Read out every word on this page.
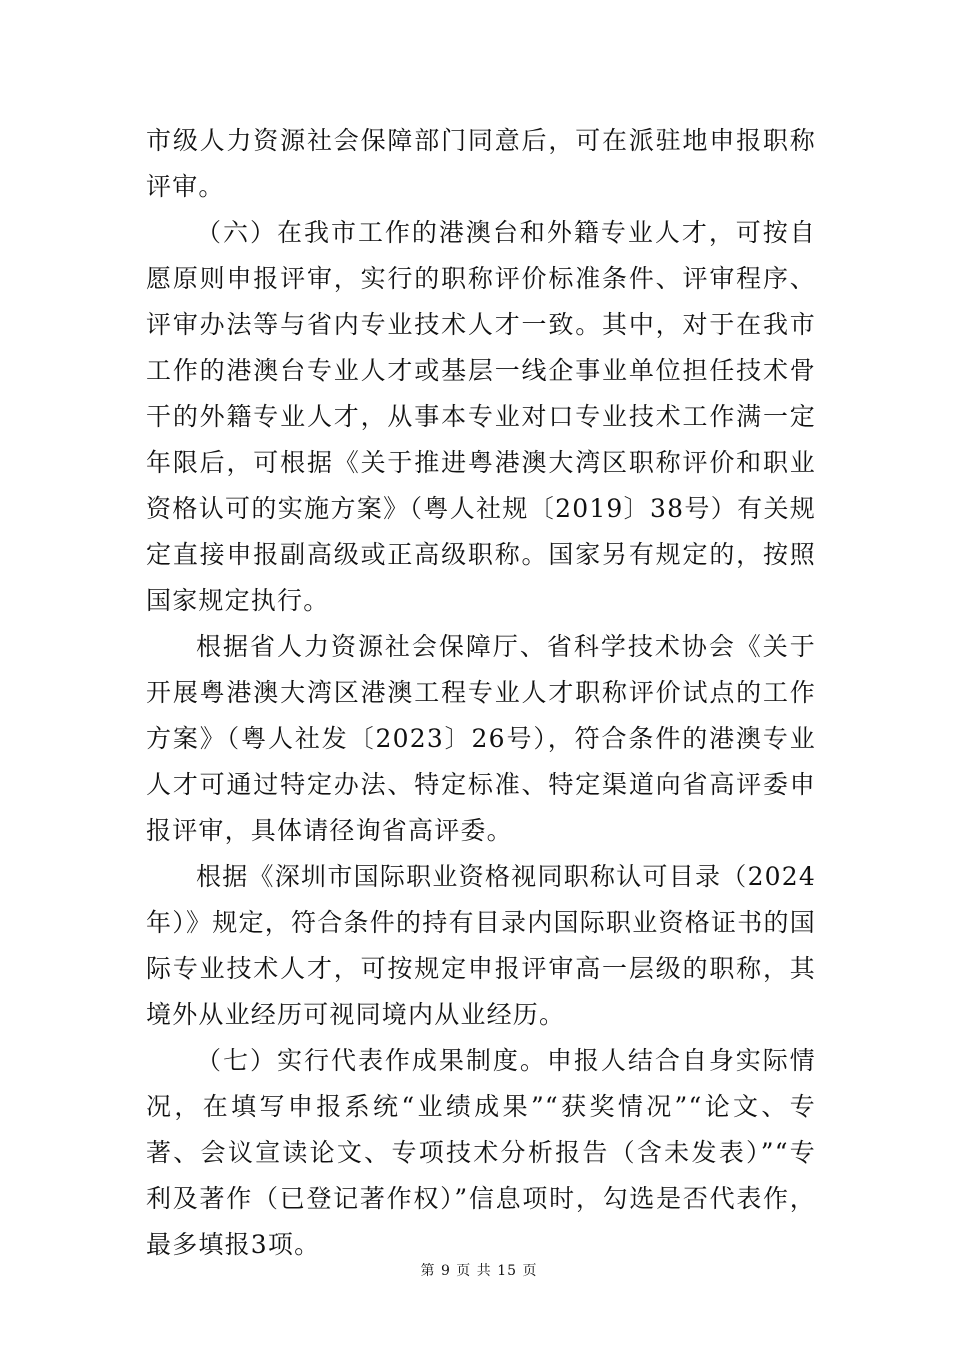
市级人力资源社会保障部门同意后，可在派驻地申报职称评审。

（六）在我市工作的港澳台和外籍专业人才，可按自愿原则申报评审，实行的职称评价标准条件、评审程序、评审办法等与省内专业技术人才一致。其中，对于在我市工作的港澳台专业人才或基层一线企事业单位担任技术骨干的外籍专业人才，从事本专业对口专业技术工作满一定年限后，可根据《关于推进粤港澳大湾区职称评价和职业资格认可的实施方案》（粤人社规〔2019〕38号）有关规定直接申报副高级或正高级职称。国家另有规定的，按照国家规定执行。

根据省人力资源社会保障厅、省科学技术协会《关于开展粤港澳大湾区港澳工程专业人才职称评价试点的工作方案》（粤人社发〔2023〕26号），符合条件的港澳专业人才可通过特定办法、特定标准、特定渠道向省高评委申报评审，具体请径询省高评委。

根据《深圳市国际职业资格视同职称认可目录（2024年）》规定，符合条件的持有目录内国际职业资格证书的国际专业技术人才，可按规定申报评审高一层级的职称，其境外从业经历可视同境内从业经历。

（七）实行代表作成果制度。申报人结合自身实际情况，在填写申报系统“业绩成果”“获奖情况”“论文、专著、会议宣读论文、专项技术分析报告（含未发表）”“专利及著作（已登记著作权）”信息项时，勾选是否代表作，最多填报3项。

第 9 页 共 15 页
